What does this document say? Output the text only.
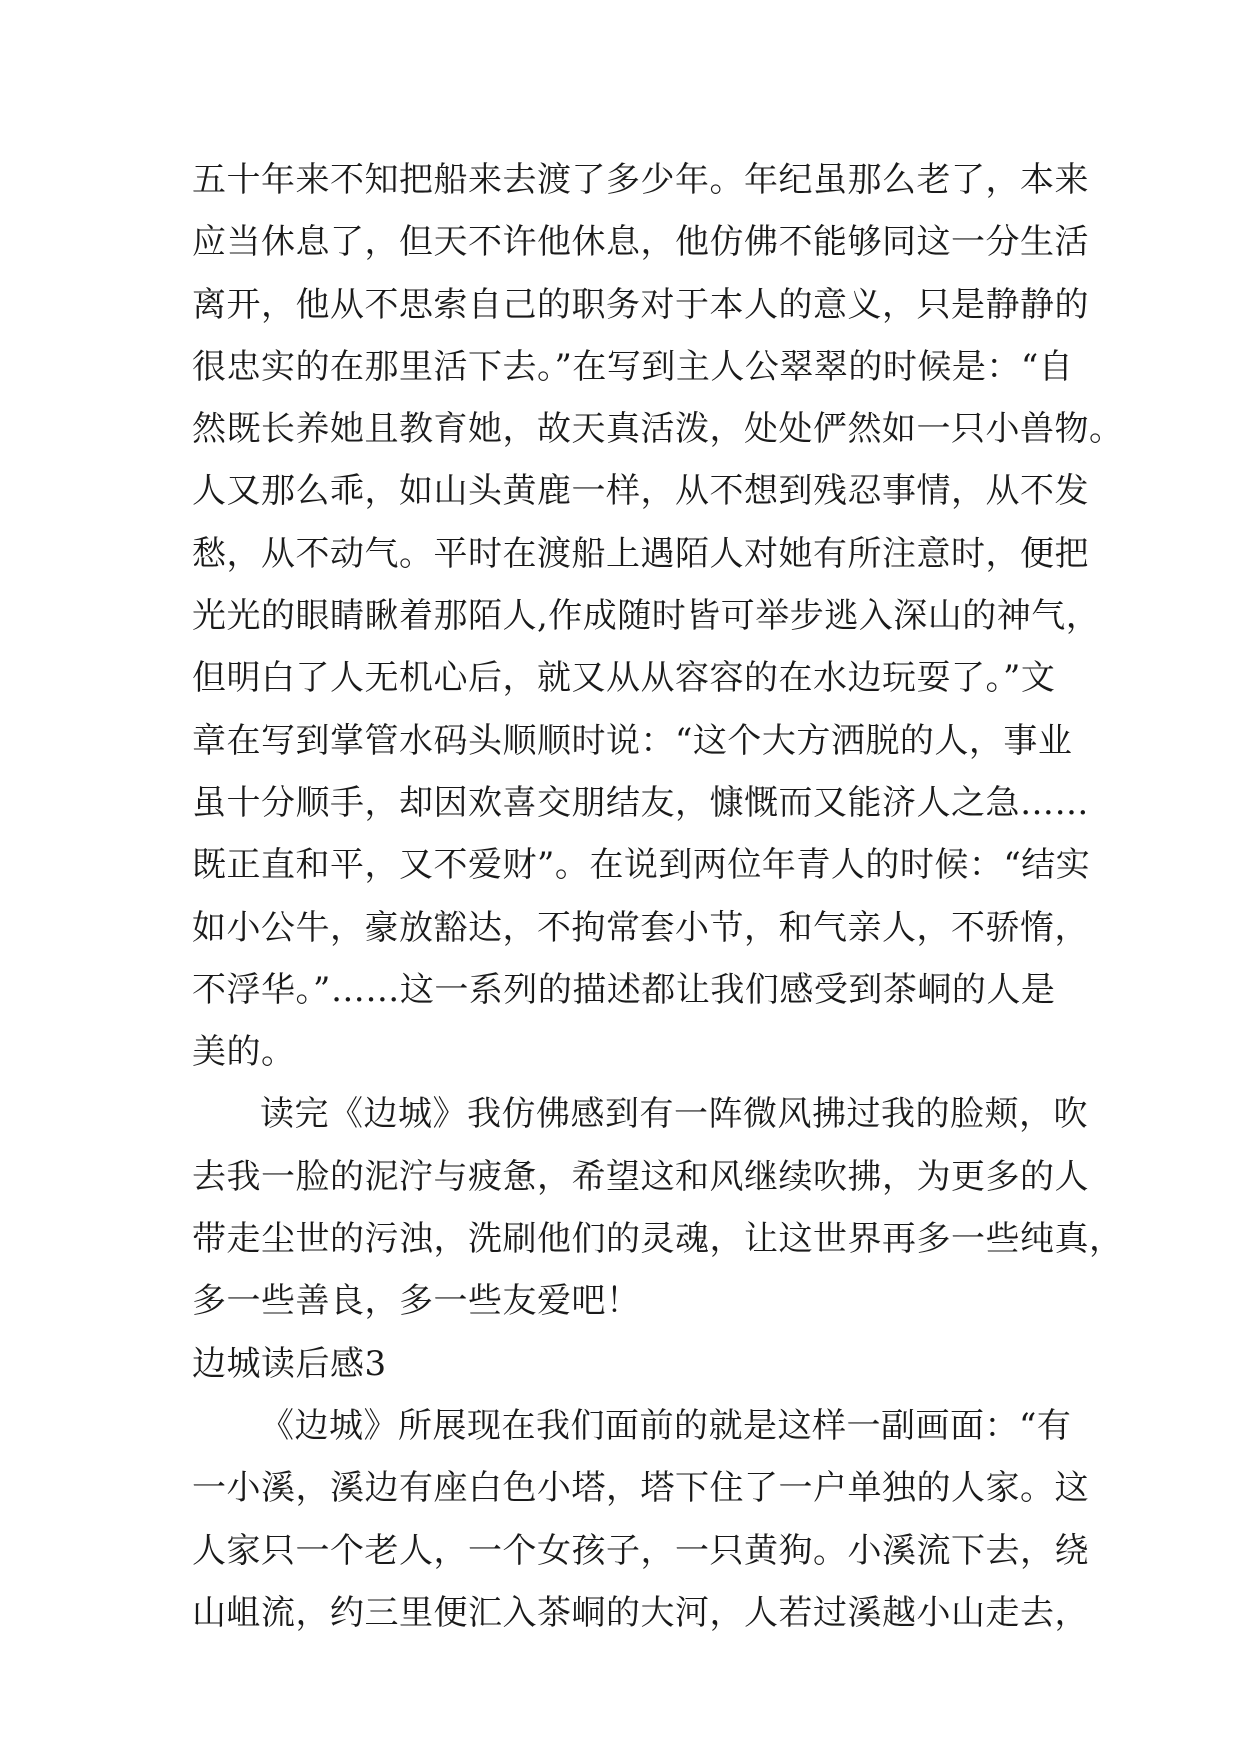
五十年来不知把船来去渡了多少年。年纪虽那么老了，本来
应当休息了，但天不许他休息，他仿佛不能够同这一分生活
离开，他从不思索自己的职务对于本人的意义，只是静静的
很忠实的在那里活下去。”在写到主人公翠翠的时候是：“自
然既长养她且教育她，故天真活泼，处处俨然如一只小兽物。
人又那么乖，如山头黄鹿一样，从不想到残忍事情，从不发
愁，从不动气。平时在渡船上遇陌人对她有所注意时，便把
光光的眼睛瞅着那陌人,作成随时皆可举步逃入深山的神气，
但明白了人无机心后，就又从从容容的在水边玩耍了。”文
章在写到掌管水码头顺顺时说：“这个大方洒脱的人，事业
虽十分顺手，却因欢喜交朋结友，慷慨而又能济人之急……
既正直和平，又不爱财”。在说到两位年青人的时候：“结实
如小公牛，豪放豁达，不拘常套小节，和气亲人，不骄惰，
不浮华。”……这一系列的描述都让我们感受到茶峒的人是
美的。
读完《边城》我仿佛感到有一阵微风拂过我的脸颊，吹
去我一脸的泥泞与疲惫，希望这和风继续吹拂，为更多的人
带走尘世的污浊，洗刷他们的灵魂，让这世界再多一些纯真，
多一些善良，多一些友爱吧！
边城读后感3
《边城》所展现在我们面前的就是这样一副画面：“有
一小溪，溪边有座白色小塔，塔下住了一户单独的人家。这
人家只一个老人，一个女孩子，一只黄狗。小溪流下去，绕
山岨流，约三里便汇入茶峒的大河，人若过溪越小山走去，
